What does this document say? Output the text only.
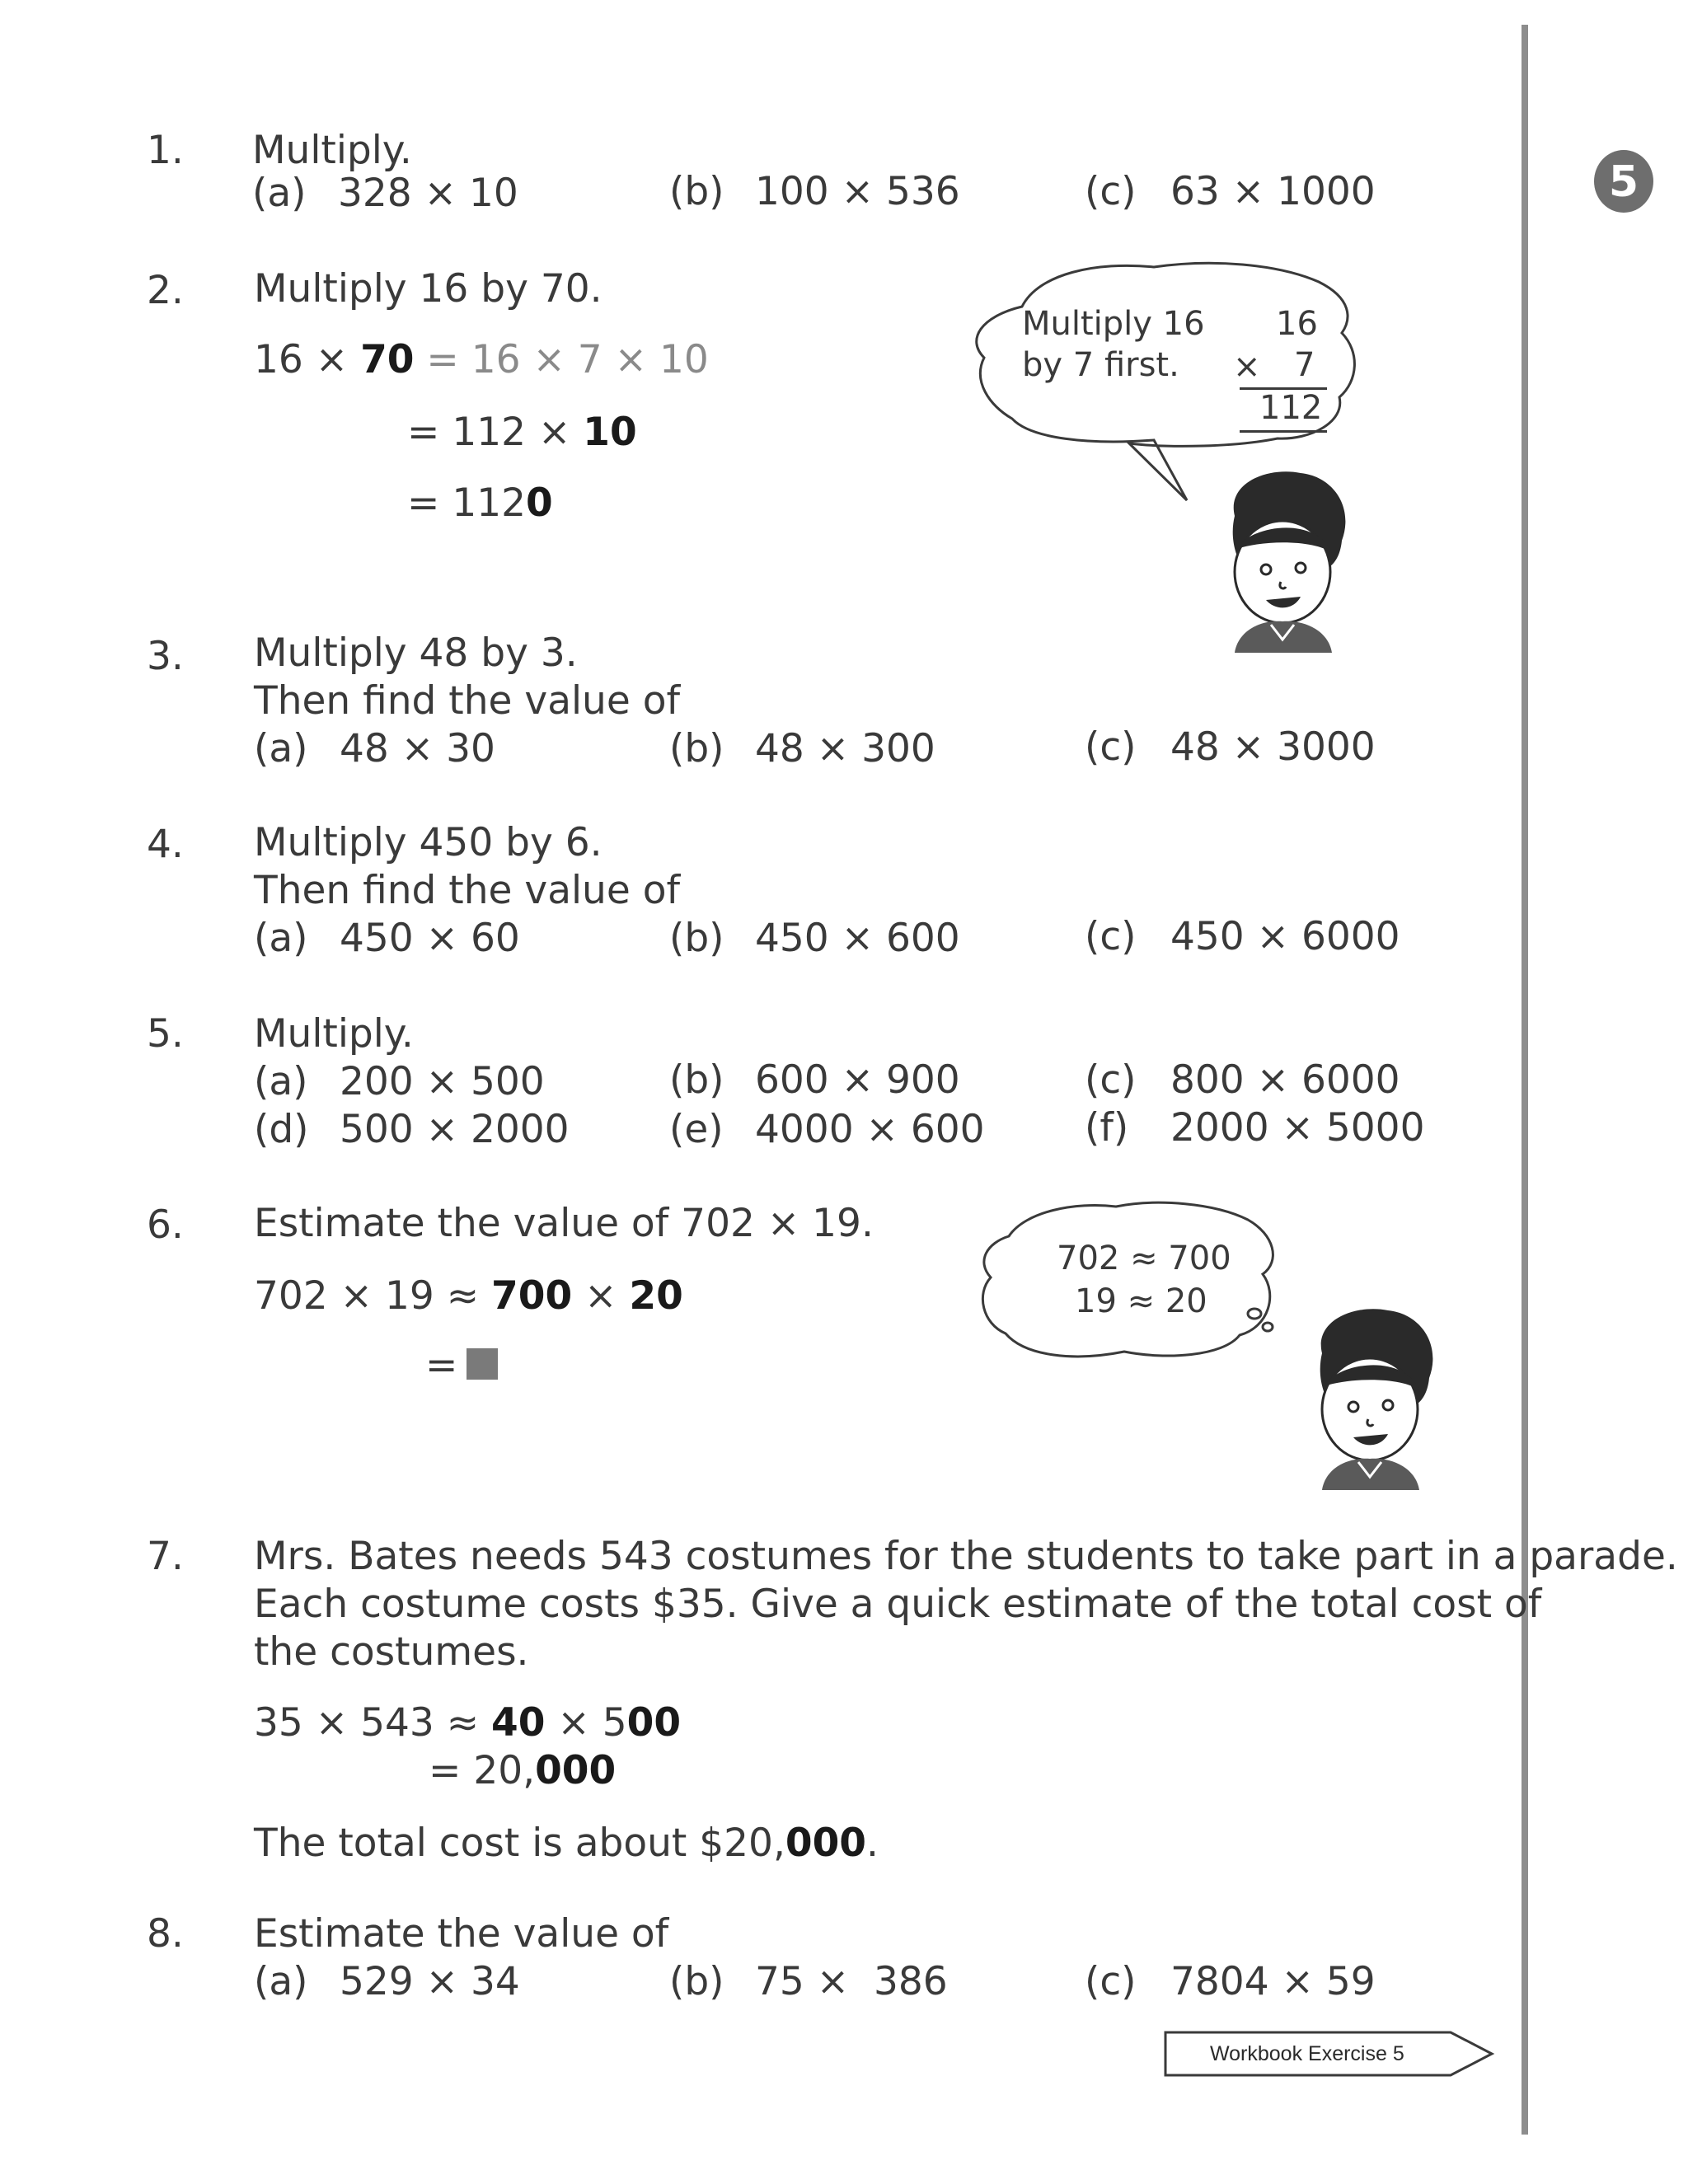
5
1. Multiply.
(a) 328 × 10	(b) 100 × 536	(c) 63 × 1000
2. Multiply 16 by 70.
16 × 70 = 16 × 7 × 10
= 112 × 10
= 1120
Multiply 16
by 7 first.
16
× 7
112
3. Multiply 48 by 3.
Then find the value of
(a) 48 × 30	(b) 48 × 300	(c) 48 × 3000
4. Multiply 450 by 6.
Then find the value of
(a) 450 × 60	(b) 450 × 600	(c) 450 × 6000
5. Multiply.
(a) 200 × 500	(b) 600 × 900	(c) 800 × 6000
(d) 500 × 2000	(e) 4000 × 600	(f) 2000 × 5000
6. Estimate the value of 702 × 19.
702 × 19 ≈ 700 × 20
=
702 ≈ 700
19 ≈ 20
7. Mrs. Bates needs 543 costumes for the students to take part in a parade.
Each costume costs $35. Give a quick estimate of the total cost of
the costumes.
35 × 543 ≈ 40 × 500
= 20,000
The total cost is about $20,000.
8. Estimate the value of
(a) 529 × 34	(b) 75 ×  386	(c) 7804 × 59
Workbook Exercise 5
